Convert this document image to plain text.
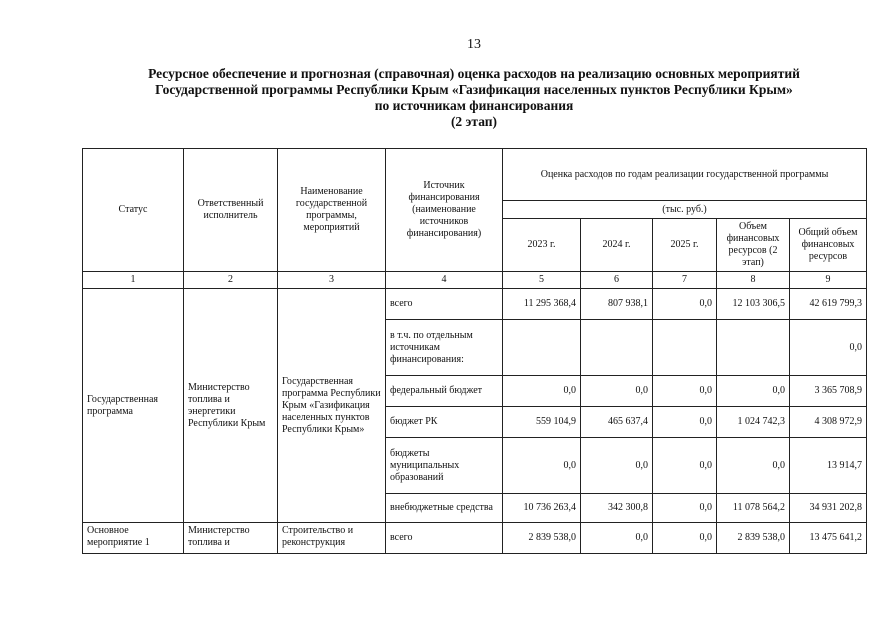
13
Ресурсное обеспечение и прогнозная (справочная) оценка расходов на реализацию основных мероприятий
Государственной программы Республики Крым «Газификация населенных пунктов Республики Крым»
по источникам финансирования
(2 этап)
Статус	Ответственный исполнитель	Наименование государственной программы, мероприятий	Источник финансирования (наименование источников финансирования)	Оценка расходов по годам реализации государственной программы				
				(тыс. руб.)				
				2023 г.	2024 г.	2025 г.	Объем финансовых ресурсов (2 этап)	Общий объем финансовых ресурсов
1	2	3	4	5	6	7	8	9
Государственная программа	Министерство топлива и энергетики Республики Крым	Государственная программа Республики Крым «Газификация населенных пунктов Республики Крым»	всего	11 295 368,4	807 938,1	0,0	12 103 306,5	42 619 799,3
			в т.ч. по отдельным источникам финансирования:					0,0
			федеральный бюджет	0,0	0,0	0,0	0,0	3 365 708,9
			бюджет РК	559 104,9	465 637,4	0,0	1 024 742,3	4 308 972,9
			бюджеты муниципальных образований	0,0	0,0	0,0	0,0	13 914,7
			внебюджетные средства	10 736 263,4	342 300,8	0,0	11 078 564,2	34 931 202,8
Основное мероприятие 1	Министерство топлива и	Строительство и реконструкция	всего	2 839 538,0	0,0	0,0	2 839 538,0	13 475 641,2
